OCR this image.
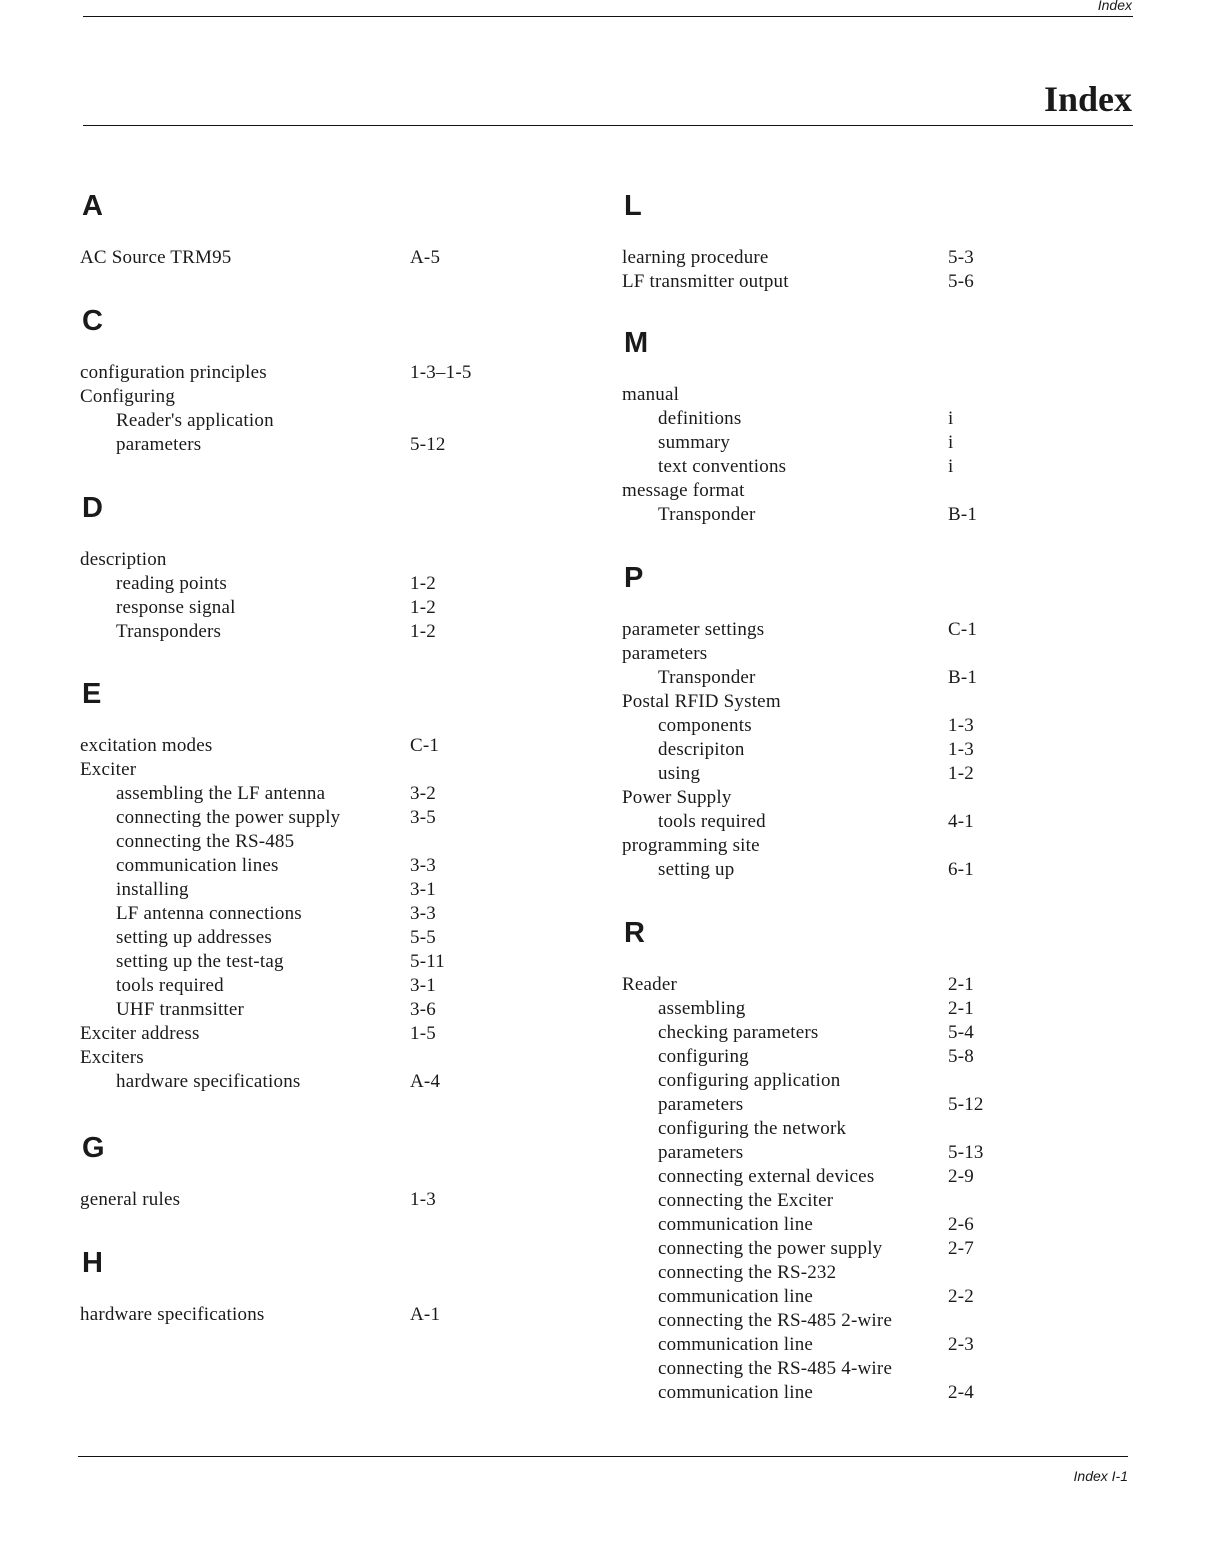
Index
Index
A
AC Source TRM95	A-5
C
configuration principles	1-3–1-5
Configuring
Reader's application
parameters	5-12
D
description
reading points	1-2
response signal	1-2
Transponders	1-2
E
excitation modes	C-1
Exciter
assembling the LF antenna	3-2
connecting the power supply	3-5
connecting the RS-485
communication lines	3-3
installing	3-1
LF antenna connections	3-3
setting up addresses	5-5
setting up the test-tag	5-11
tools required	3-1
UHF tranmsitter	3-6
Exciter address	1-5
Exciters
hardware specifications	A-4
G
general rules	1-3
H
hardware specifications	A-1
L
learning procedure	5-3
LF transmitter output	5-6
M
manual
definitions	i
summary	i
text conventions	i
message format
Transponder	B-1
P
parameter settings	C-1
parameters
Transponder	B-1
Postal RFID System
components	1-3
descripiton	1-3
using	1-2
Power Supply
tools required	4-1
programming site
setting up	6-1
R
Reader	2-1
assembling	2-1
checking parameters	5-4
configuring	5-8
configuring application
parameters	5-12
configuring the network
parameters	5-13
connecting external devices	2-9
connecting the Exciter
communication line	2-6
connecting the power supply	2-7
connecting the RS-232
communication line	2-2
connecting the RS-485 2-wire
communication line	2-3
connecting the RS-485 4-wire
communication line	2-4
Index I-1
